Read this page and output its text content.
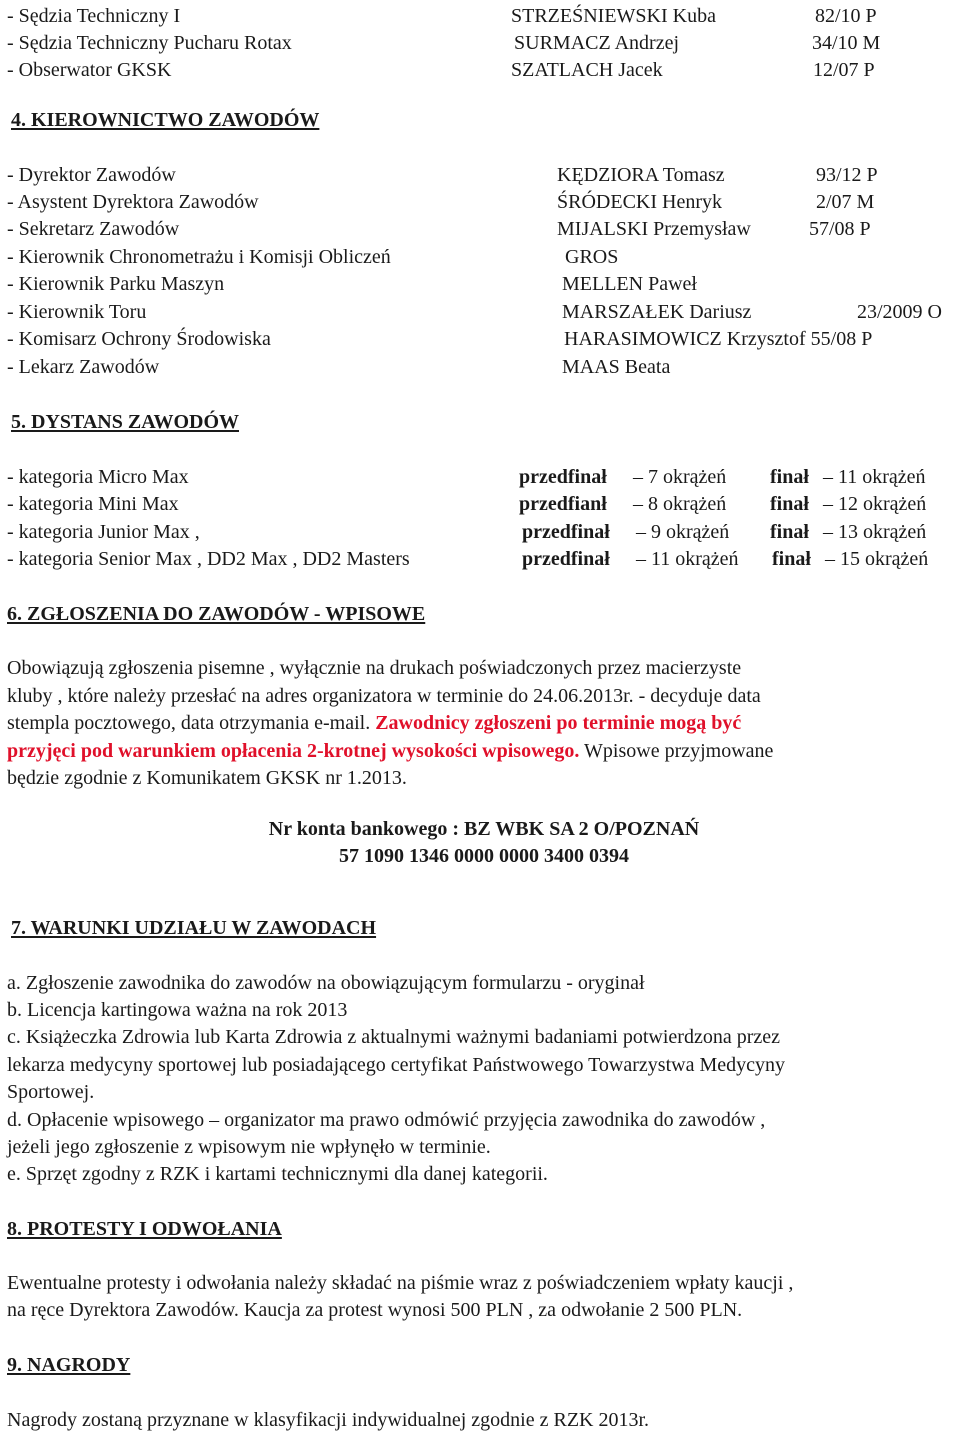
- Sędzia Techniczny I	STRZEŚNIEWSKI Kuba	82/10 P
- Sędzia Techniczny Pucharu Rotax	SURMACZ Andrzej	34/10 M
- Obserwator GKSK	SZATLACH Jacek	12/07 P
4. KIEROWNICTWO ZAWODÓW
- Dyrektor Zawodów	KĘDZIORA Tomasz	93/12 P
- Asystent Dyrektora Zawodów	ŚRÓDECKI Henryk	2/07 M
- Sekretarz Zawodów	MIJALSKI Przemysław	57/08 P
- Kierownik Chronometrażu i Komisji Obliczeń	GROS
- Kierownik Parku Maszyn	MELLEN Paweł
- Kierownik Toru	MARSZAŁEK Dariusz	23/2009 O
- Komisarz Ochrony Środowiska	HARASIMOWICZ Krzysztof 55/08 P
- Lekarz Zawodów	MAAS Beata
5. DYSTANS ZAWODÓW
- kategoria Micro Max	przedfinał – 7 okrążeń finał – 11 okrążeń
- kategoria Mini Max	przedfianł – 8 okrążeń finał – 12 okrążeń
- kategoria Junior Max ,	przedfinał – 9 okrążeń finał – 13 okrążeń
- kategoria Senior Max , DD2 Max , DD2 Masters	przedfinał – 11 okrążeń finał – 15 okrążeń
6. ZGŁOSZENIA DO ZAWODÓW - WPISOWE
Obowiązują zgłoszenia pisemne , wyłącznie na drukach poświadczonych przez macierzyste
kluby , które należy przesłać na adres organizatora w terminie do 24.06.2013r. - decyduje data
stempla pocztowego, data otrzymania e-mail. Zawodnicy zgłoszeni po terminie mogą być
przyjęci pod warunkiem opłacenia 2-krotnej wysokości wpisowego. Wpisowe przyjmowane
będzie zgodnie z Komunikatem GKSK nr 1.2013.
Nr konta bankowego : BZ WBK SA 2 O/POZNAŃ
57 1090 1346 0000 0000 3400 0394
7. WARUNKI UDZIAŁU W ZAWODACH
a. Zgłoszenie zawodnika do zawodów na obowiązującym formularzu - oryginał
b. Licencja kartingowa ważna na rok 2013
c. Książeczka Zdrowia lub Karta Zdrowia z aktualnymi ważnymi badaniami potwierdzona przez
lekarza medycyny sportowej lub posiadającego certyfikat Państwowego Towarzystwa Medycyny
Sportowej.
d. Opłacenie wpisowego – organizator ma prawo odmówić przyjęcia zawodnika do zawodów ,
jeżeli jego zgłoszenie z wpisowym nie wpłynęło w terminie.
e. Sprzęt zgodny z RZK i kartami technicznymi dla danej kategorii.
8. PROTESTY I ODWOŁANIA
Ewentualne protesty i odwołania należy składać na piśmie wraz z poświadczeniem wpłaty kaucji ,
na ręce Dyrektora Zawodów. Kaucja za protest wynosi 500 PLN , za odwołanie 2 500 PLN.
9. NAGRODY
Nagrody zostaną przyznane w klasyfikacji indywidualnej zgodnie z RZK 2013r.
